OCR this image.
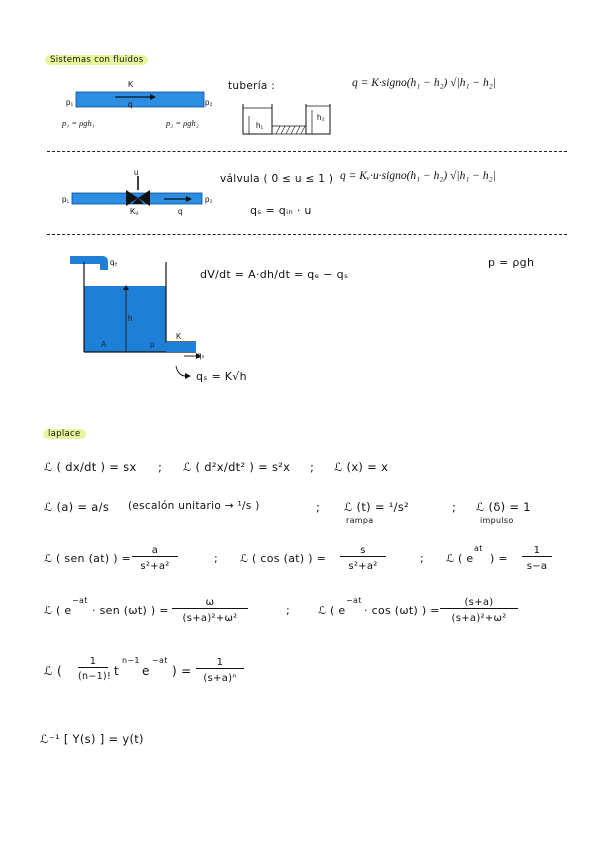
Sistemas con fluidos
p₁	p₂
K
q
p₁ = ρgh₁	p₂ = ρgh₂
tubería :	q = K·signo(h₁ − h₂) √|h₁ − h₂|
h₁
h₂
u
p₁	p₂
Kᵤ	q
válvula ( 0 ≤ u ≤ 1 ) q = Kᵥ·u·signo(h₁ − h₂) √|h₁ − h₂|
qₛ = qᵢₙ · u
qₑ
h
A	p
K
qₛ
dV/dt = A·dh/dt = qₑ − qₛ
p = ρgh
qₛ = K√h
laplace
ℒ ( dx/dt ) = sx ; ℒ ( d²x/dt² ) = s²x ; ℒ (x) = x
ℒ (a) = a/s (escalón unitario → ¹/s )	; ℒ (t) = ¹/s²
rampa
; ℒ (δ) = 1
impulso
ℒ ( sen (at) ) =
a
s²+a²
; ℒ ( cos (at) ) =
s
s²+a²
; ℒ ( e
at
) =
1
s−a
ℒ ( e
−at
· sen (ωt) ) =
ω
(s+a)²+ω²
;	ℒ ( e
−at
· cos (ωt) ) =
(s+a)
(s+a)²+ω²
ℒ (
1
(n−1)! t
n−1
e
−at
) =
1
(s+a)ⁿ
ℒ⁻¹ [ Y(s) ] = y(t)
